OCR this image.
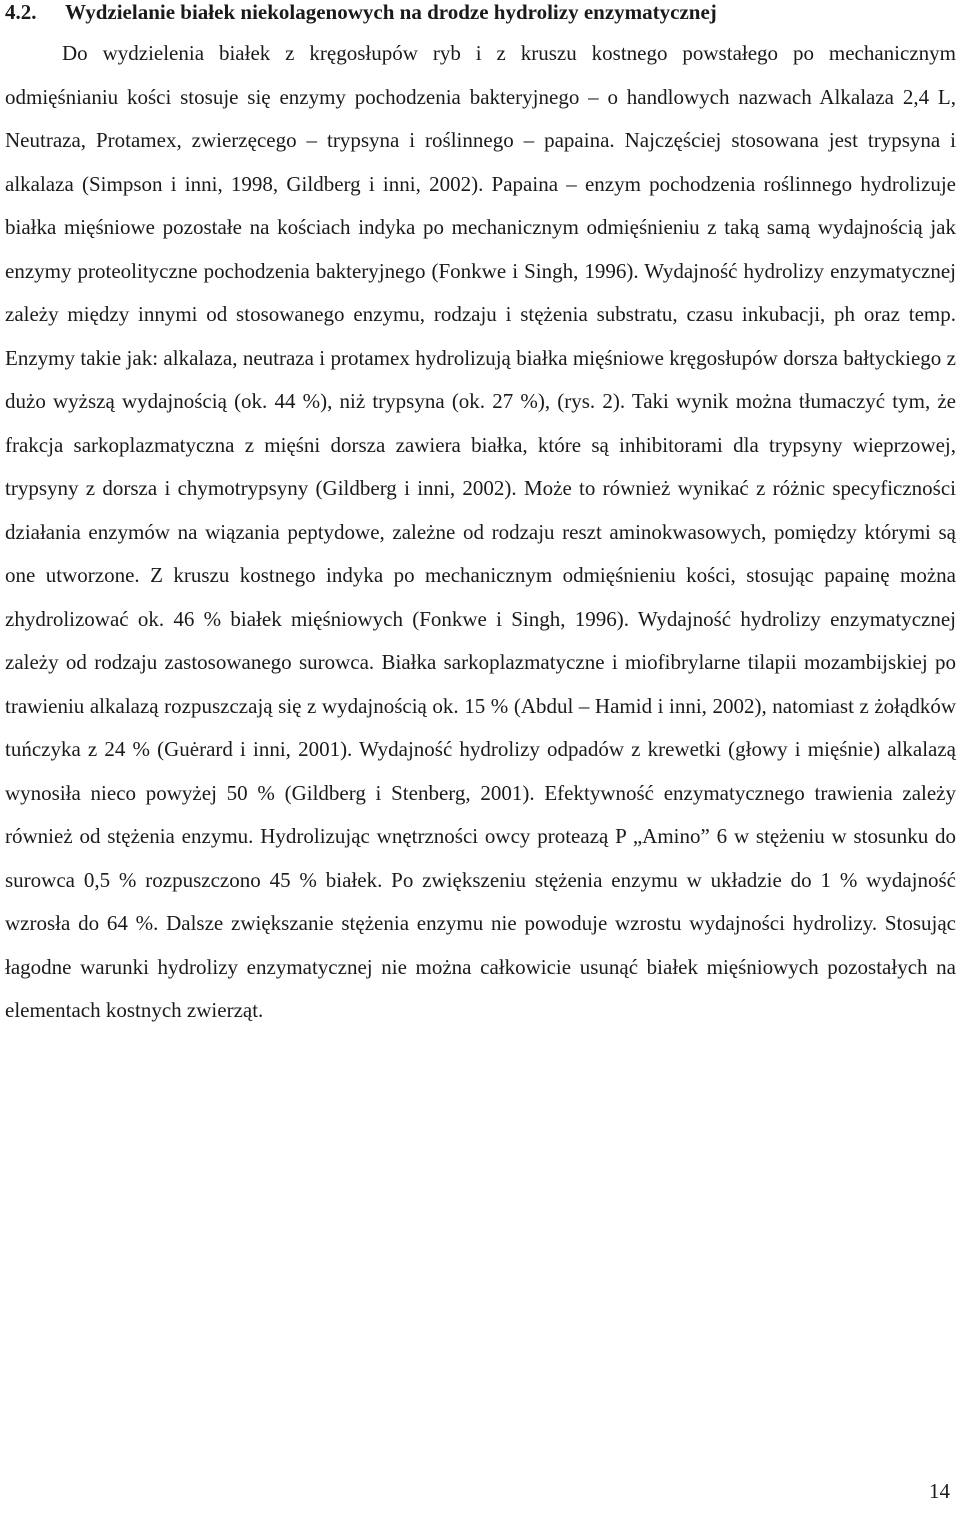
4.2. Wydzielanie białek niekolagenowych na drodze hydrolizy enzymatycznej

Do wydzielenia białek z kręgosłupów ryb i z kruszu kostnego powstałego po mechanicznym odmięśnianiu kości stosuje się enzymy pochodzenia bakteryjnego – o handlowych nazwach Alkalaza 2,4 L, Neutraza, Protamex, zwierzęcego – trypsyna i roślinnego – papaina. Najczęściej stosowana jest trypsyna i alkalaza (Simpson i inni, 1998, Gildberg i inni, 2002). Papaina – enzym pochodzenia roślinnego hydrolizuje białka mięśniowe pozostałe na kościach indyka po mechanicznym odmięśnieniu z taką samą wydajnością jak enzymy proteolityczne pochodzenia bakteryjnego (Fonkwe i Singh, 1996). Wydajność hydrolizy enzymatycznej zależy między innymi od stosowanego enzymu, rodzaju i stężenia substratu, czasu inkubacji, ph oraz temp. Enzymy takie jak: alkalaza, neutraza i protamex hydrolizują białka mięśniowe kręgosłupów dorsza bałtyckiego z dużo wyższą wydajnością (ok. 44 %), niż trypsyna (ok. 27 %), (rys. 2). Taki wynik można tłumaczyć tym, że frakcja sarkoplazmatyczna z mięśni dorsza zawiera białka, które są inhibitorami dla trypsyny wieprzowej, trypsyny z dorsza i chymotrypsyny (Gildberg i inni, 2002). Może to również wynikać z różnic specyficzności działania enzymów na wiązania peptydowe, zależne od rodzaju reszt aminokwasowych, pomiędzy którymi są one utworzone. Z kruszu kostnego indyka po mechanicznym odmięśnieniu kości, stosując papainę można zhydrolizować ok. 46 % białek mięśniowych (Fonkwe i Singh, 1996). Wydajność hydrolizy enzymatycznej zależy od rodzaju zastosowanego surowca. Białka sarkoplazmatyczne i miofibrylarne tilapii mozambijskiej po trawieniu alkalazą rozpuszczają się z wydajnością ok. 15 % (Abdul – Hamid i inni, 2002), natomiast z żołądków tuńczyka z 24 % (Guėrard i inni, 2001). Wydajność hydrolizy odpadów z krewetki (głowy i mięśnie) alkalazą wynosiła nieco powyżej 50 % (Gildberg i Stenberg, 2001). Efektywność enzymatycznego trawienia zależy również od stężenia enzymu. Hydrolizując wnętrzności owcy proteazą P „Amino” 6 w stężeniu w stosunku do surowca 0,5 % rozpuszczono 45 % białek. Po zwiększeniu stężenia enzymu w układzie do 1 % wydajność wzrosła do 64 %. Dalsze zwiększanie stężenia enzymu nie powoduje wzrostu wydajności hydrolizy. Stosując łagodne warunki hydrolizy enzymatycznej nie można całkowicie usunąć białek mięśniowych pozostałych na elementach kostnych zwierząt.

14
